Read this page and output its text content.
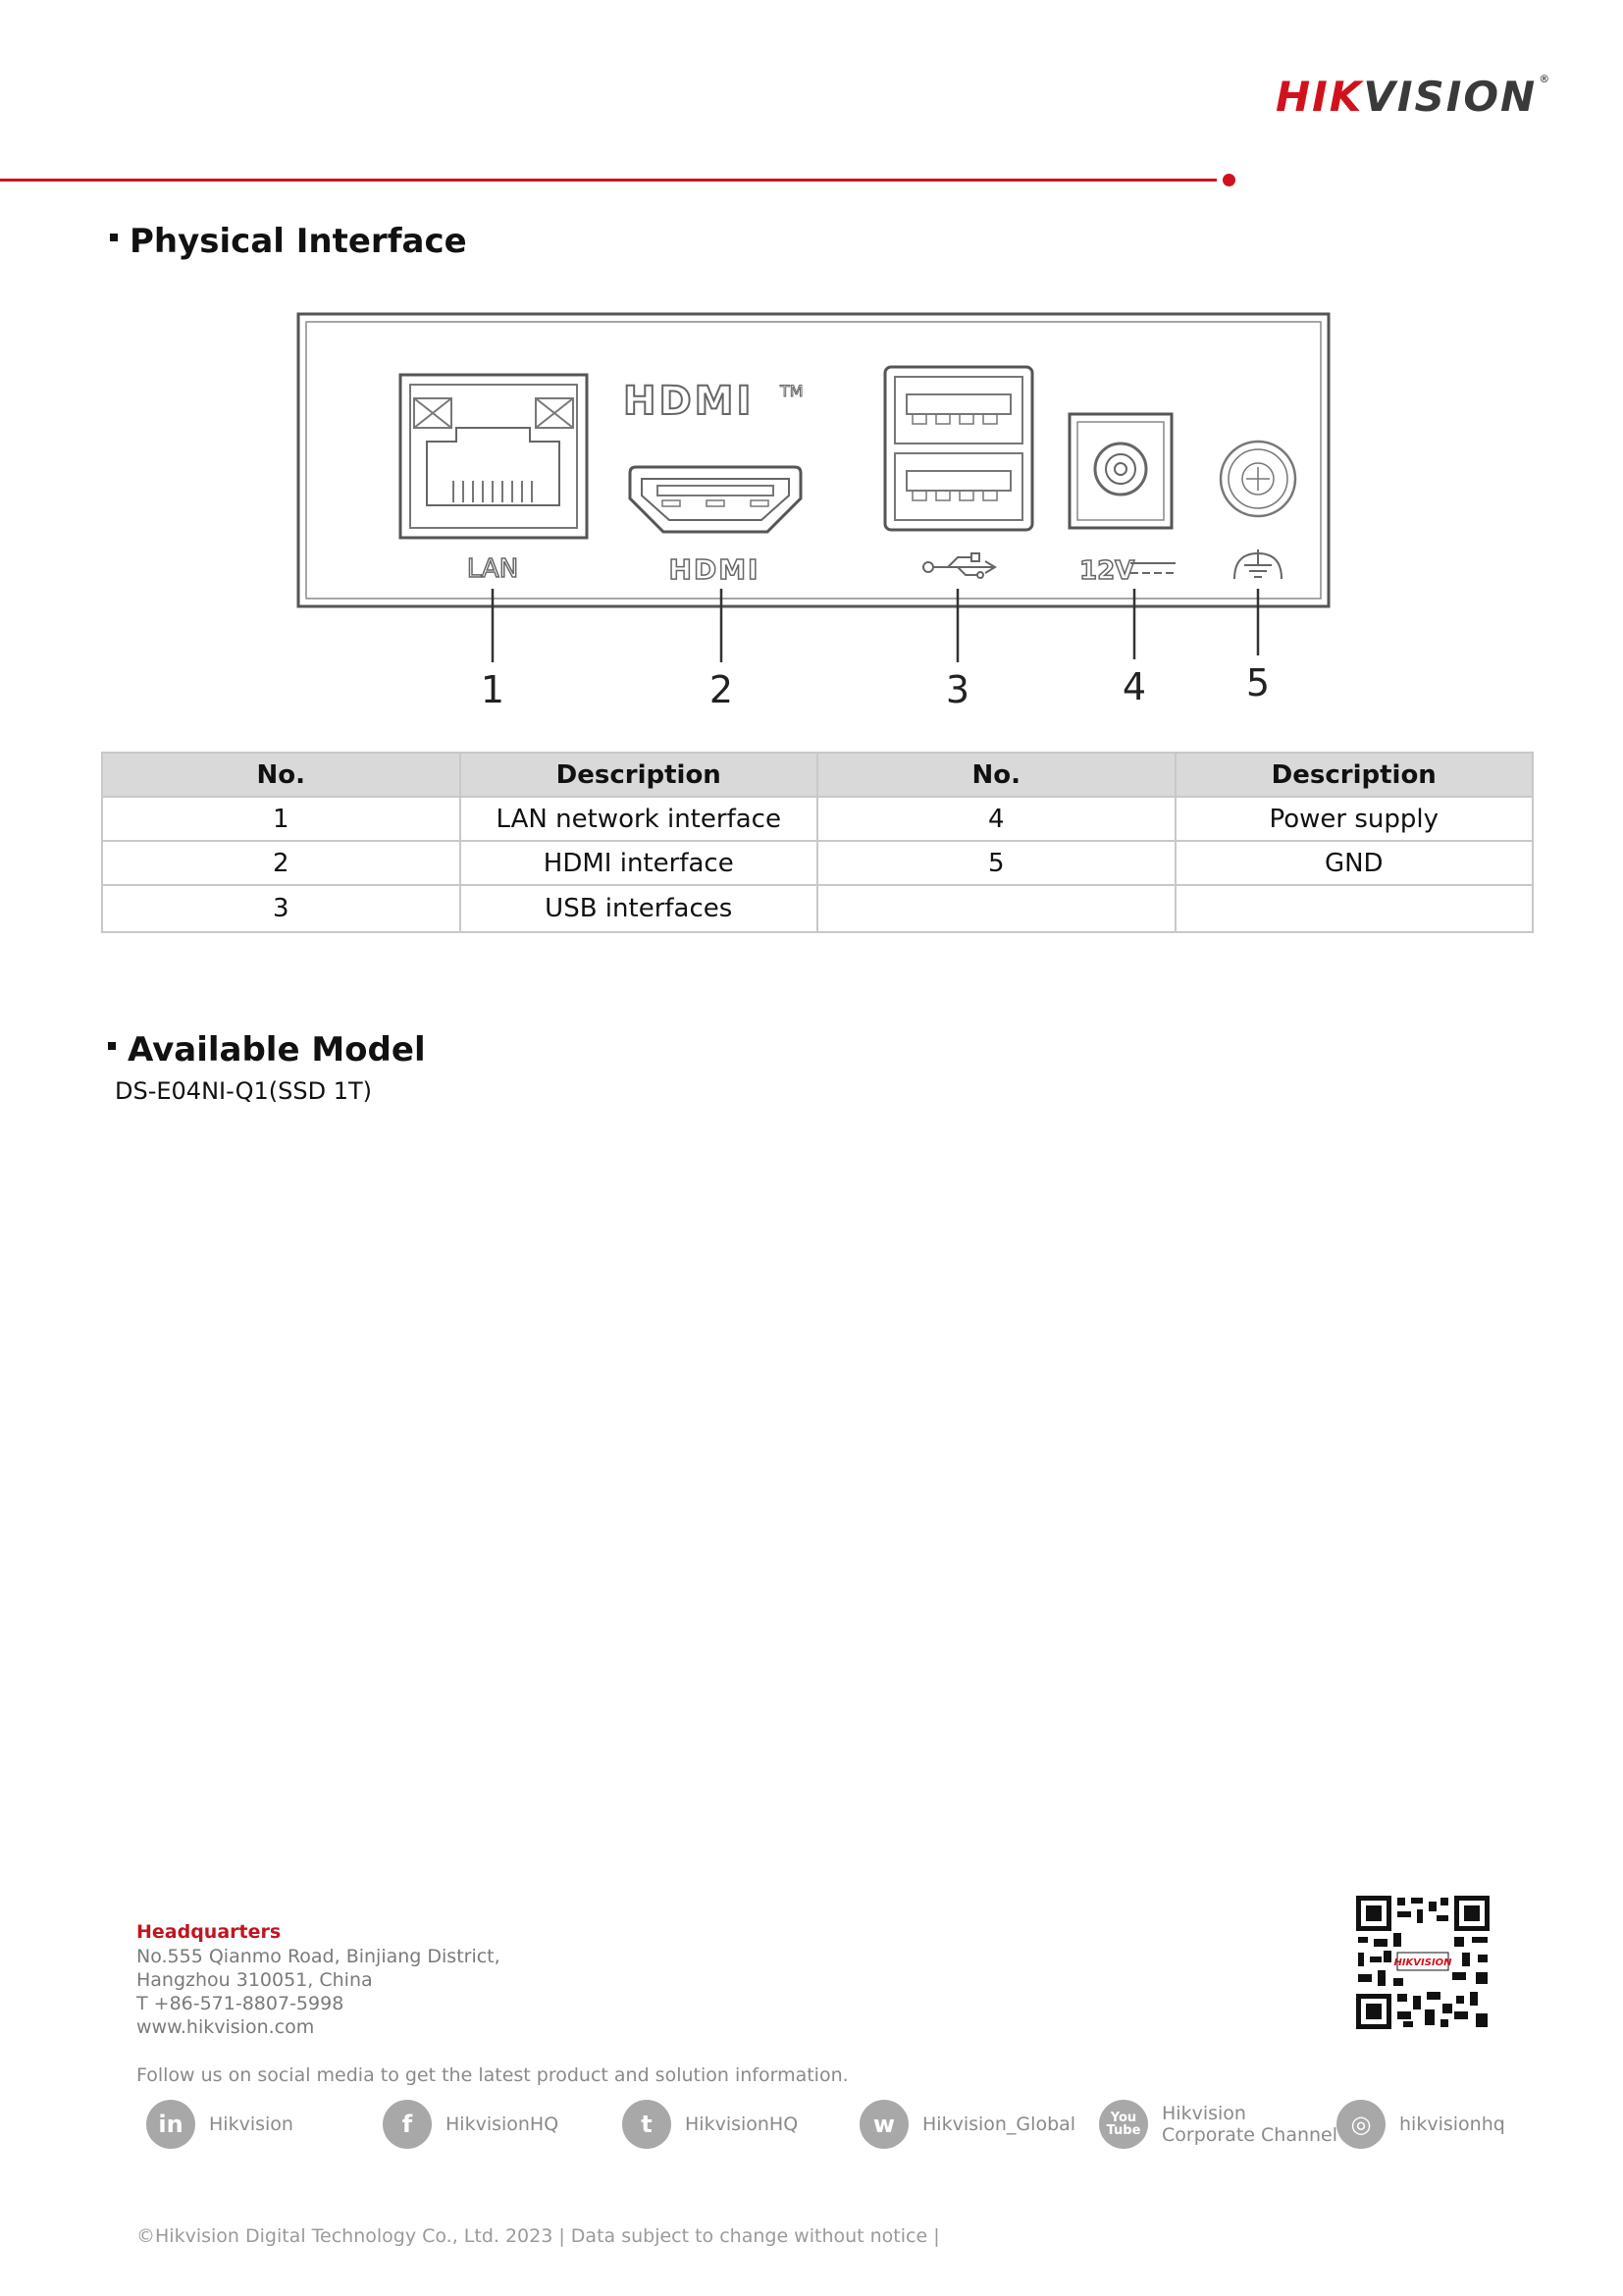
HIKVISION ®
Physical Interface
LAN
HDMI TM
HDMI	12V
1	2	3	4	5
No.	Description	No.	Description
1	LAN network interface	4	Power supply
2	HDMI interface	5	GND
3	USB interfaces		
Available Model
DS-E04NI-Q1(SSD 1T)
Headquarters
No.555 Qianmo Road, Binjiang District,
Hangzhou 310051, China
T +86-571-8807-5998
www.hikvision.com
HIKVISION
Follow us on social media to get the latest product and solution information.
in	Hikvision	f	HikvisionHQ	t	HikvisionHQ	w	Hikvision_Global	You
Tube
Hikvision
Corporate Channel ◎	hikvisionhq
©Hikvision Digital Technology Co., Ltd. 2023 | Data subject to change without notice |
